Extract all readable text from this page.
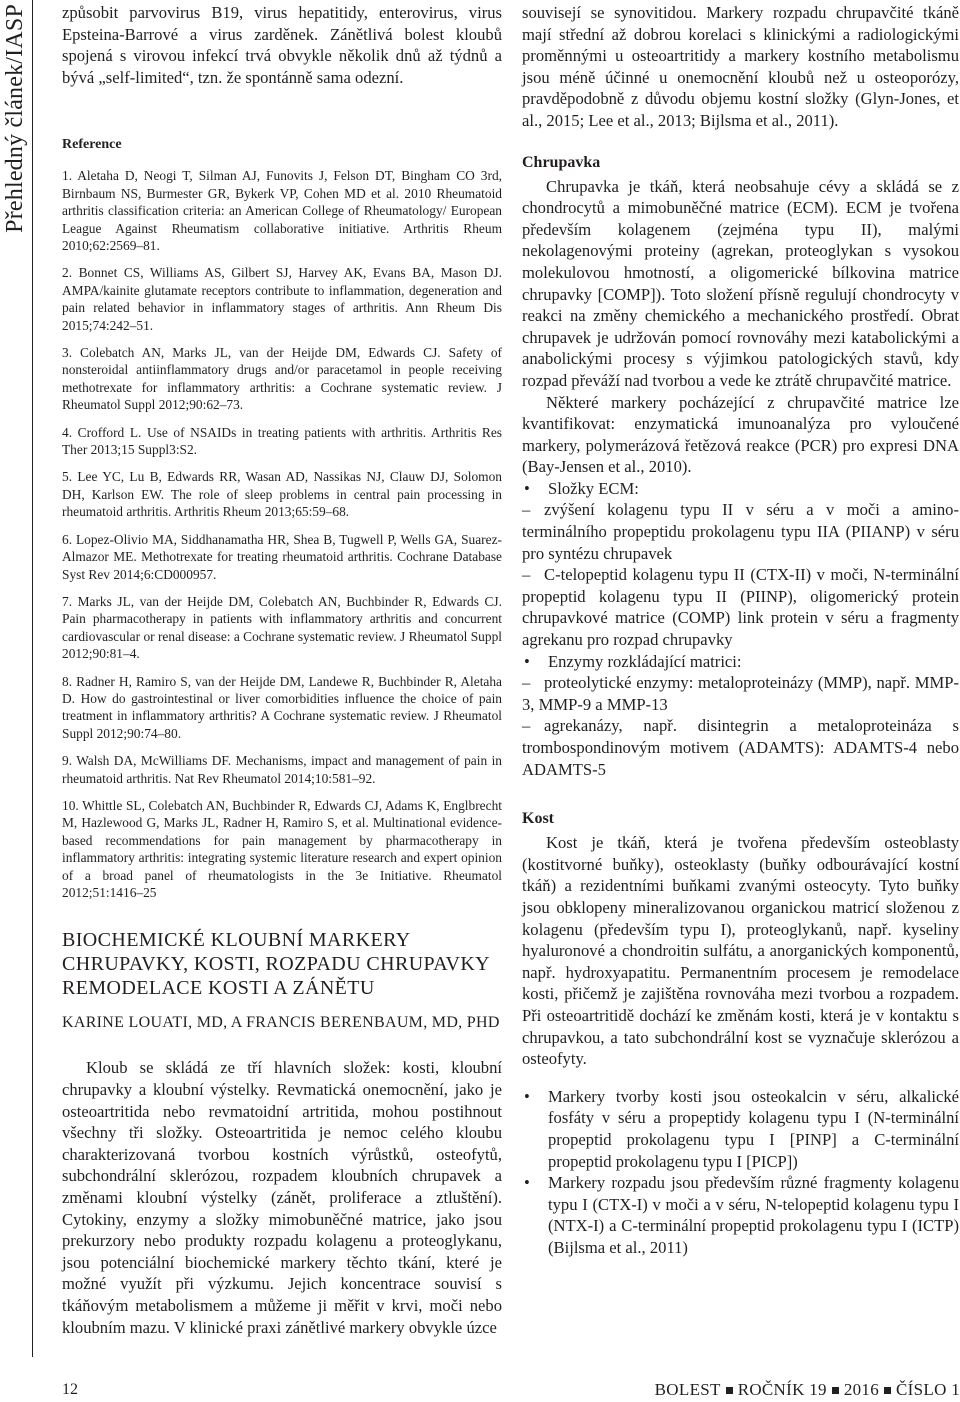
Přehledný článek/IASP způsobit parvovirus B19, virus hepatitidy, enterovirus, virus Epsteina-Barrové a virus zarděnek. Zánětlivá bolest kloubů spojená s virovou infekcí trvá obvykle několik dnů až týdnů a bývá „self-limited“, tzn. že spontánně sama odezní.

Reference

1. Aletaha D, Neogi T, Silman AJ, Funovits J, Felson DT, Bingham CO 3rd, Birnbaum NS, Burmester GR, Bykerk VP, Cohen MD et al. 2010 Rheumatoid arthritis classification criteria: an American College of Rheumatology/ European League Against Rheumatism collaborative initiative. Arthritis Rheum 2010;62:2569–81.

2. Bonnet CS, Williams AS, Gilbert SJ, Harvey AK, Evans BA, Mason DJ. AMPA/kainite glutamate receptors contribute to inflammation, degeneration and pain related behavior in inflammatory stages of arthritis. Ann Rheum Dis 2015;74:242–51.

3. Colebatch AN, Marks JL, van der Heijde DM, Edwards CJ. Safety of nonsteroidal antiinflammatory drugs and/or paracetamol in people receiving methotrexate for inflammatory arthritis: a Cochrane systematic review. J Rheumatol Suppl 2012;90:62–73.

4. Crofford L. Use of NSAIDs in treating patients with arthritis. Arthritis Res Ther 2013;15 Suppl3:S2.

5. Lee YC, Lu B, Edwards RR, Wasan AD, Nassikas NJ, Clauw DJ, Solomon DH, Karlson EW. The role of sleep problems in central pain processing in rheumatoid arthritis. Arthritis Rheum 2013;65:59–68.

6. Lopez-Olivio MA, Siddhanamatha HR, Shea B, Tugwell P, Wells GA, Suarez-Almazor ME. Methotrexate for treating rheumatoid arthritis. Cochrane Database Syst Rev 2014;6:CD000957.

7. Marks JL, van der Heijde DM, Colebatch AN, Buchbinder R, Edwards CJ. Pain pharmacotherapy in patients with inflammatory arthritis and concurrent cardiovascular or renal disease: a Cochrane systematic review. J Rheumatol Suppl 2012;90:81–4.

8. Radner H, Ramiro S, van der Heijde DM, Landewe R, Buchbinder R, Aletaha D. How do gastrointestinal or liver comorbidities influence the choice of pain treatment in inflammatory arthritis? A Cochrane systematic review. J Rheumatol Suppl 2012;90:74–80.

9. Walsh DA, McWilliams DF. Mechanisms, impact and management of pain in rheumatoid arthritis. Nat Rev Rheumatol 2014;10:581–92.

10. Whittle SL, Colebatch AN, Buchbinder R, Edwards CJ, Adams K, Englbrecht M, Hazlewood G, Marks JL, Radner H, Ramiro S, et al. Multinational evidence-based recommendations for pain management by pharmacotherapy in inflammatory arthritis: integrating systemic literature research and expert opinion of a broad panel of rheumatologists in the 3e Initiative. Rheumatol 2012;51:1416–25

BIOCHEMICKÉ KLOUBNÍ MARKERY CHRUPAVKY, KOSTI, ROZPADU CHRUPAVKY REMODELACE KOSTI A ZÁNĚTU
KARINE LOUATI, MD, A FRANCIS BERENBAUM, MD, PHD

Kloub se skládá ze tří hlavních složek: kosti, kloubní chrupavky a kloubní výstelky. Revmatická onemocnění, jako je osteoartritida nebo revmatoidní artritida, mohou postihnout všechny tři složky. Osteoartritida je nemoc celého kloubu charakterizovaná tvorbou kostních výrůstků, osteofytů, subchondrální sklerózou, rozpadem kloubních chrupavek a změnami kloubní výstelky (zánět, proliferace a ztluštění). Cytokiny, enzymy a složky mimobuněčné matrice, jako jsou prekurzory nebo produkty rozpadu kolagenu a proteoglykanu, jsou potenciální biochemické markery těchto tkání, které je možné využít při výzkumu. Jejich koncentrace souvisí s tkáňovým metabolismem a můžeme ji měřit v krvi, moči nebo kloubním mazu. V klinické praxi zánětlivé markery obvykle úzce

souvisejí se synovitidou. Markery rozpadu chrupavčité tkáně mají střední až dobrou korelaci s klinickými a radiologickými proměnnými u osteoartritidy a markery kostního metabolismu jsou méně účinné u onemocnění kloubů než u osteoporózy, pravděpodobně z důvodu objemu kostní složky (Glyn-Jones, et al., 2015; Lee et al., 2013; Bijlsma et al., 2011).

Chrupavka

Chrupavka je tkáň, která neobsahuje cévy a skládá se z chondrocytů a mimobuněčné matrice (ECM). ECM je tvořena především kolagenem (zejména typu II), malými nekolagenovými proteiny (agrekan, proteoglykan s vysokou molekulovou hmotností, a oligomerické bílkovina matrice chrupavky [COMP]). Toto složení přísně regulují chondrocyty v reakci na změny chemického a mechanického prostředí. Obrat chrupavek je udržován pomocí rovnováhy mezi katabolickými a anabolickými procesy s výjimkou patologických stavů, kdy rozpad převáží nad tvorbou a vede ke ztrátě chrupavčité matrice.

Některé markery pocházející z chrupavčité matrice lze kvantifikovat: enzymatická imunoanalýza pro vyloučené markery, polymerázová řetězová reakce (PCR) pro expresi DNA (Bay-Jensen et al., 2010).

• Složky ECM:

– zvýšení kolagenu typu II v séru a v moči a amino-terminálního propeptidu prokolagenu typu IIA (PIIANP) v séru pro syntézu chrupavek

– C-telopeptid kolagenu typu II (CTX-II) v moči, N-terminální propeptid kolagenu typu II (PIINP), oligomerický protein chrupavkové matrice (COMP) link protein v séru a fragmenty agrekanu pro rozpad chrupavky

• Enzymy rozkládající matrici:

– proteolytické enzymy: metaloproteinázy (MMP), např. MMP-3, MMP-9 a MMP-13

– agrekanázy, např. disintegrin a metaloproteináza s trombospondinovým motivem (ADAMTS): ADAMTS-4 nebo ADAMTS-5

Kost

Kost je tkáň, která je tvořena především osteoblasty (kostitvorné buňky), osteoklasty (buňky odbourávající kostní tkáň) a rezidentními buňkami zvanými osteocyty. Tyto buňky jsou obklopeny mineralizovanou organickou matricí složenou z kolagenu (především typu I), proteoglykanů, např. kyseliny hyaluronové a chondroitin sulfátu, a anorganických komponentů, např. hydroxyapatitu. Permanentním procesem je remodelace kosti, přičemž je zajištěna rovnováha mezi tvorbou a rozpadem. Při osteoartritidě dochází ke změnám kosti, která je v kontaktu s chrupavkou, a tato subchondrální kost se vyznačuje sklerózou a osteofyty.

• Markery tvorby kosti jsou osteokalcin v séru, alkalické fosfáty v séru a propeptidy kolagenu typu I (N-terminální propeptid prokolagenu typu I [PINP] a C-terminální propeptid prokolagenu typu I [PICP])

• Markery rozpadu jsou především různé fragmenty kolagenu typu I (CTX-I) v moči a v séru, N-telopeptid kolagenu typu I (NTX-I) a C-terminální propeptid prokolagenu typu I (ICTP) (Bijlsma et al., 2011)

12	BOLEST ROČNÍK 19 2016 ČÍSLO 1
